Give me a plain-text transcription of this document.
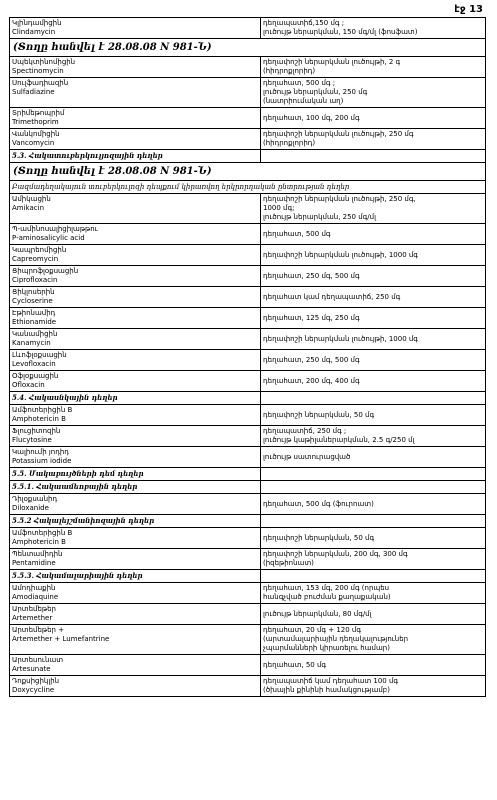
էջ 13
Կլինդամիցին
Clindamycin	դեղապատիճ,150 մգ ;
լուծույթ ներարկման, 150 մգ/մլ (ֆոսֆատ)

(Տողը հանվել է 28.08.08 N 981-Ն)	

Սպեկտինոմիցին
Spectinomycin	դեղափոշի ներարկման լուծույթի, 2 գ
(հիդրոքլորիդ)

Սուլֆադիազին
Sulfadiazine	դեղահատ, 500 մգ ;
լուծույթ ներարկման, 250 մգ
(նատրիումական աղ)

Տրիմեթոպրիմ
Trimethoprim	դեղահատ, 100 մգ, 200 մգ

Վանկոմիցին
Vancomycin	դեղափոշի ներարկման լուծույթի, 250 մգ
(հիդրոքլորիդ)

5.3. Հակատուբերկուլյոզային դեղեր	
(Տողը հանվել է 28.08.08 N 981-Ն)	
Բազմադեղակայուն տուբերկուլոզի դեպքում կիրառվող երկրորդական ընտրության դեղեր	

Ամիկացին
Amikacin	դեղափոշի ներարկման լուծույթի, 250 մգ,
1000 մգ;
լուծույթ ներարկման, 250 մգ/մլ

Պ-ամինոսալիցիլաթթու
P-aminosalicylic acid	դեղահատ, 500 մգ

Կապրեոմիցին
Capreomycin	դեղափոշի ներարկման լուծույթի, 1000 մգ

Ցիպրոֆլօքսացին
Ciprofloxacin	դեղահատ, 250 մգ, 500 մգ

Ցիկլոսերին
Cycloserine	դեղահատ կամ դեղապատիճ, 250 մգ

Էթիոնամիդ
Ethionamide	դեղահատ, 125 մգ, 250 մգ

Կանամիցին
Kanamycin	դեղափոշի ներարկման լուծույթի, 1000 մգ

Լևոֆլօքսացին
Levofloxacin	դեղահատ, 250 մգ, 500 մգ

Օֆլօքսացին
Ofloxacin	դեղահատ, 200 մգ, 400 մգ

5.4. Հակասնկային դեղեր	

Ամֆոտերիցին B
Amphotericin B	դեղափոշի ներարկման, 50 մգ

Ֆլուցիտոզին
Flucytosine	դեղապատիճ, 250 մգ ;
լուծույթ կաթիլաներարկման, 2.5 գ/250 մլ

Կալիումի յոդիդ
Potassium iodide	լուծույթ սատուրացված

5.5. Մակաբույծների դեմ դեղեր	
5.5.1. Հակաամեոբային դեղեր	

Դիլօքսանիդ
Diloxanide	դեղահատ, 500 մգ (ֆուրոատ)

5.5.2 Հակալեյշմանիոզային դեղեր	

Ամֆոտերիցին B
Amphotericin B	դեղափոշի ներարկման, 50 մգ

Պենտամիդին
Pentamidine	դեղափոշի ներարկման, 200 մգ, 300 մգ
(իզեթիոնատ)

5.5.3. Հակամալարիային դեղեր	

Ամոդիաքին
Amodiaquine	դեղահատ, 153 մգ, 200 մգ (որպես
հանգչված բուժման քաղաքական)

Արտեմեթեր
Artemether	լուծույթ ներարկման, 80 մգ/մլ

Արտեմեթեր +
Artemether + Lumefantrine	դեղահատ, 20 մգ + 120 մգ
(արտամալարիային դեղակալություներ
չպարմանների կիրառելու համար)

Արտեսունատ
Artesunate	դեղահատ, 50 մգ

Դոքսիցիկլին
Doxycycline	դեղապատիճ կամ դեղահատ 100 մգ
(ծխային քինինի համակցությամբ)
